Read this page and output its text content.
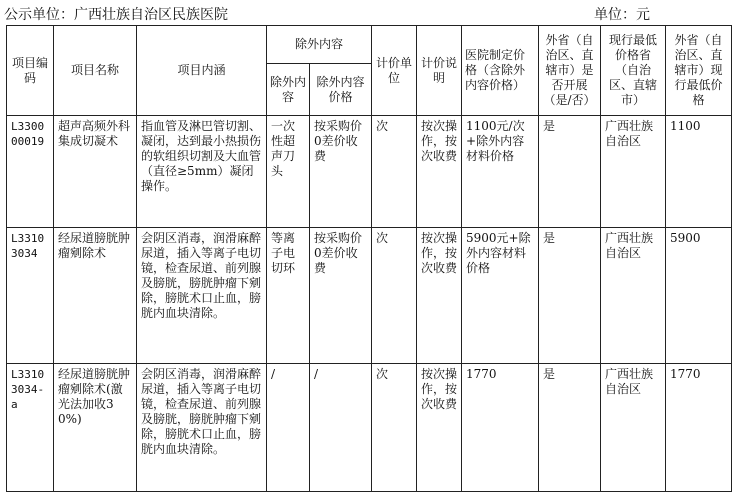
公示单位：广西壮族自治区民族医院	单位：元
项目编码	项目名称	项目内涵	除外内容		计价单位	计价说明	医院制定价格（含除外内容价格）	外省（自治区、直辖市）是否开展（是/否）	现行最低价格省（自治区、直辖市）	外省（自治区、直辖市）现行最低价格
			除外内容	除外内容价格						
L330000019	超声高频外科集成切凝术	指血管及淋巴管切割、凝闭，达到最小热损伤的软组织切割及大血管（直径≥5mm）凝闭操作。	一次性超声刀头	按采购价0差价收费	次	按次操作，按次收费	1100元/次+除外内容材料价格	是	广西壮族自治区	1100
L33103034	经尿道膀胱肿瘤剜除术	会阴区消毒，润滑麻醉尿道，插入等离子电切镜，检查尿道、前列腺及膀胱，膀胱肿瘤下剜除，膀胱术口止血，膀胱内血块清除。	等离子电切环	按采购价0差价收费	次	按次操作，按次收费	5900元+除外内容材料价格	是	广西壮族自治区	5900
L33103034-a	经尿道膀胱肿瘤剜除术(激光法加收30%)	会阴区消毒，润滑麻醉尿道，插入等离子电切镜，检查尿道、前列腺及膀胱，膀胱肿瘤下剜除，膀胱术口止血，膀胱内血块清除。	/	/	次	按次操作，按次收费	1770	是	广西壮族自治区	1770
